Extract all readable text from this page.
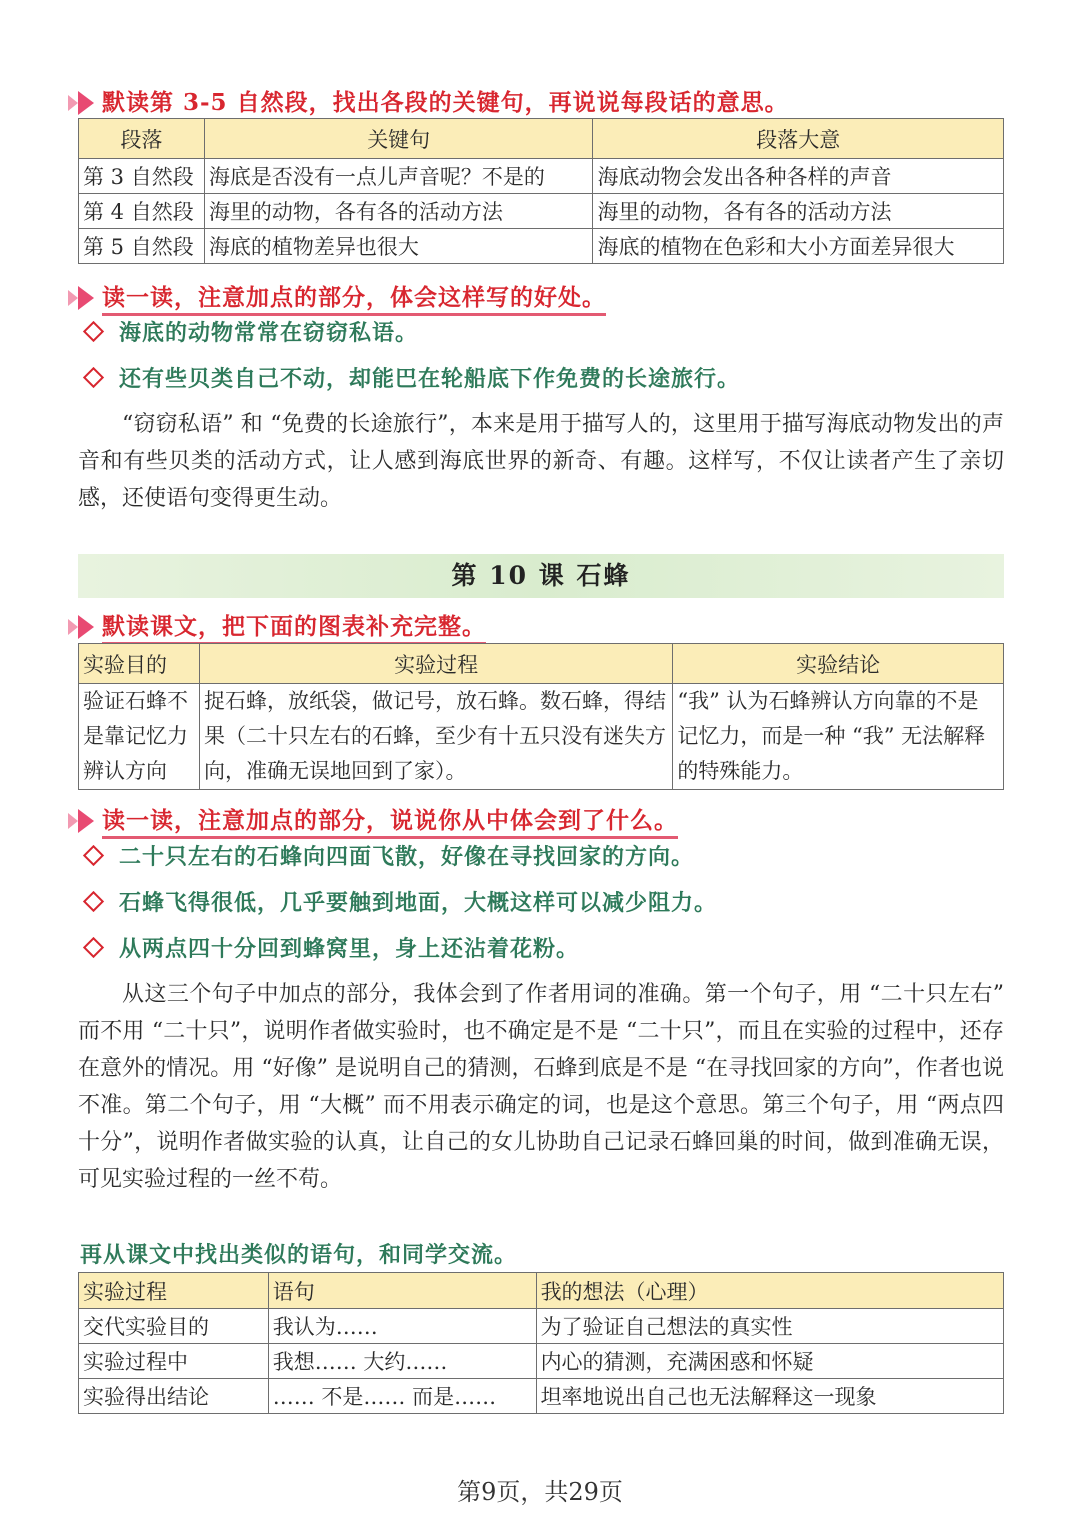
默读第 3-5 自然段，找出各段的关键句，再说说每段话的意思。
段落	关键句	段落大意
第 3 自然段	海底是否没有一点儿声音呢？不是的	海底动物会发出各种各样的声音
第 4 自然段	海里的动物，各有各的活动方法	海里的动物，各有各的活动方法
第 5 自然段	海底的植物差异也很大	海底的植物在色彩和大小方面差异很大
读一读，注意加点的部分，体会这样写的好处。
海底的动物常常在窃窃私语。
还有些贝类自己不动，却能巴在轮船底下作免费的长途旅行。

“窃窃私语” 和 “免费的长途旅行”，本来是用于描写人的，这里用于描写海底动物发出的声音和有些贝类的活动方式，让人感到海底世界的新奇、有趣。这样写，不仅让读者产生了亲切感，还使语句变得更生动。

第 10 课 石蜂
默读课文，把下面的图表补充完整。
实验目的	实验过程	实验结论
验证石蜂不是靠记忆力辨认方向	捉石蜂，放纸袋，做记号，放石蜂。数石蜂，得结果（二十只左右的石蜂，至少有十五只没有迷失方向，准确无误地回到了家）。	“我” 认为石蜂辨认方向靠的不是记忆力，而是一种 “我” 无法解释的特殊能力。
读一读，注意加点的部分，说说你从中体会到了什么。
二十只左右的石蜂向四面飞散，好像在寻找回家的方向。
石蜂飞得很低，几乎要触到地面，大概这样可以减少阻力。
从两点四十分回到蜂窝里，身上还沾着花粉。

从这三个句子中加点的部分，我体会到了作者用词的准确。第一个句子，用 “二十只左右” 而不用 “二十只”，说明作者做实验时，也不确定是不是 “二十只”，而且在实验的过程中，还存在意外的情况。用 “好像” 是说明自己的猜测，石蜂到底是不是 “在寻找回家的方向”，作者也说不准。第二个句子，用 “大概” 而不用表示确定的词，也是这个意思。第三个句子，用 “两点四十分”，说明作者做实验的认真，让自己的女儿协助自己记录石蜂回巢的时间，做到准确无误，可见实验过程的一丝不苟。

再从课文中找出类似的语句，和同学交流。
实验过程	语句	我的想法（心理）
交代实验目的	我认为……	为了验证自己想法的真实性
实验过程中	我想…… 大约……	内心的猜测，充满困惑和怀疑
实验得出结论	…… 不是…… 而是……	坦率地说出自己也无法解释这一现象
第9页，共29页
